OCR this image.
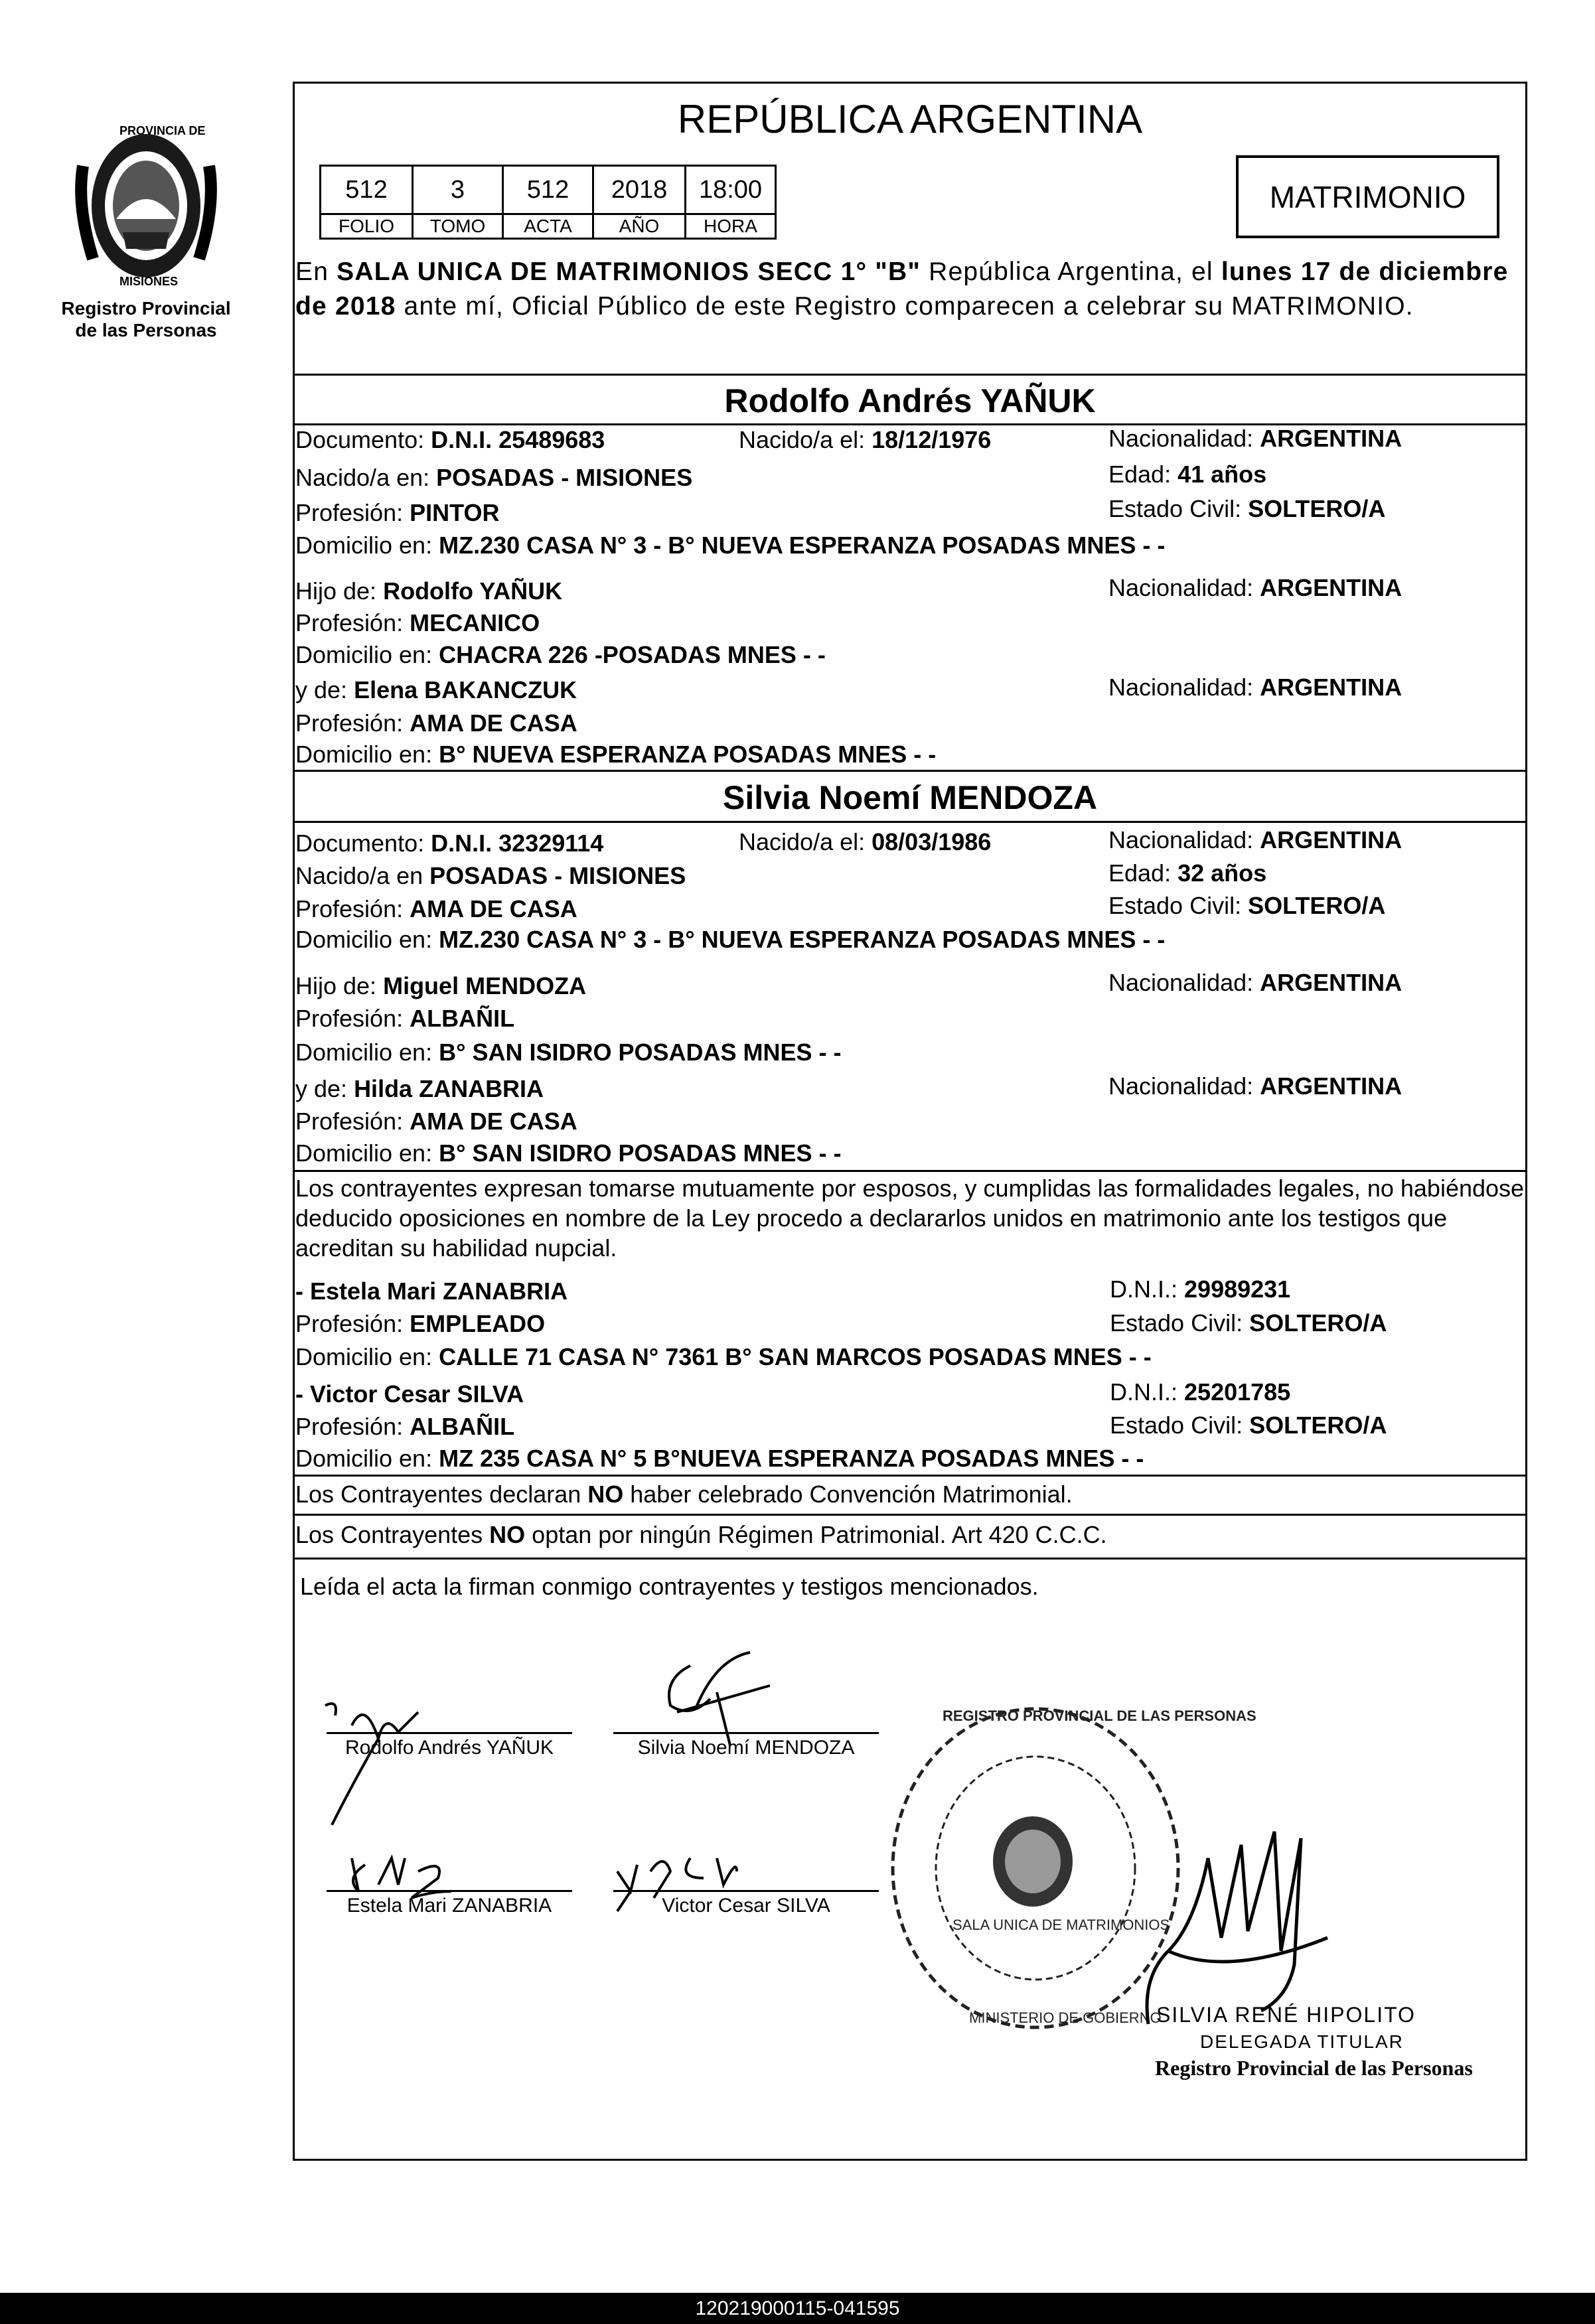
PROVINCIA DE
MISIONES
Registro Provincial
de las Personas
REPÚBLICA ARGENTINA
512	3	512	2018	18:00
FOLIO	TOMO	ACTA	AÑO	HORA
MATRIMONIO
En SALA UNICA DE MATRIMONIOS SECC 1° "B" República Argentina, el lunes 17 de diciembre de 2018 ante mí, Oficial Público de este Registro comparecen a celebrar su MATRIMONIO.
Rodolfo Andrés YAÑUK
Documento: D.N.I. 25489683	Nacido/a el: 18/12/1976	Nacionalidad: ARGENTINA
Nacido/a en: POSADAS - MISIONES	Edad: 41 años
Profesión: PINTOR	Estado Civil: SOLTERO/A
Domicilio en: MZ.230 CASA N° 3 - B° NUEVA ESPERANZA POSADAS MNES - -
Hijo de: Rodolfo YAÑUK	Nacionalidad: ARGENTINA
Profesión: MECANICO
Domicilio en: CHACRA 226 -POSADAS MNES - -
y de: Elena BAKANCZUK	Nacionalidad: ARGENTINA
Profesión: AMA DE CASA
Domicilio en: B° NUEVA ESPERANZA POSADAS MNES - -
Silvia Noemí MENDOZA
Documento: D.N.I. 32329114	Nacido/a el: 08/03/1986	Nacionalidad: ARGENTINA
Nacido/a en POSADAS - MISIONES	Edad: 32 años
Profesión: AMA DE CASA	Estado Civil: SOLTERO/A
Domicilio en: MZ.230 CASA N° 3 - B° NUEVA ESPERANZA POSADAS MNES - -
Hijo de: Miguel MENDOZA	Nacionalidad: ARGENTINA
Profesión: ALBAÑIL
Domicilio en: B° SAN ISIDRO POSADAS MNES - -
y de: Hilda ZANABRIA	Nacionalidad: ARGENTINA
Profesión: AMA DE CASA
Domicilio en: B° SAN ISIDRO POSADAS MNES - -
Los contrayentes expresan tomarse mutuamente por esposos, y cumplidas las formalidades legales, no habiéndose deducido oposiciones en nombre de la Ley procedo a declararlos unidos en matrimonio ante los testigos que acreditan su habilidad nupcial.
- Estela Mari ZANABRIA	D.N.I.: 29989231
Profesión: EMPLEADO	Estado Civil: SOLTERO/A
Domicilio en: CALLE 71 CASA N° 7361 B° SAN MARCOS POSADAS MNES - -
- Victor Cesar SILVA	D.N.I.: 25201785
Profesión: ALBAÑIL	Estado Civil: SOLTERO/A
Domicilio en: MZ 235 CASA N° 5 B°NUEVA ESPERANZA POSADAS MNES - -
Los Contrayentes declaran NO haber celebrado Convención Matrimonial.
Los Contrayentes NO optan por ningún Régimen Patrimonial. Art 420 C.C.C.
Leída el acta la firman conmigo contrayentes y testigos mencionados.
Rodolfo Andrés YAÑUK	Silvia Noemí MENDOZA
Estela Mari ZANABRIA	Victor Cesar SILVA
REGISTRO PROVINCIAL DE LAS PERSONAS
SALA UNICA DE MATRIMONIOS
MINISTERIO DE GOBIERNO
SILVIA RENÉ HIPOLITO
DELEGADA TITULAR
Registro Provincial de las Personas
120219000115-041595
